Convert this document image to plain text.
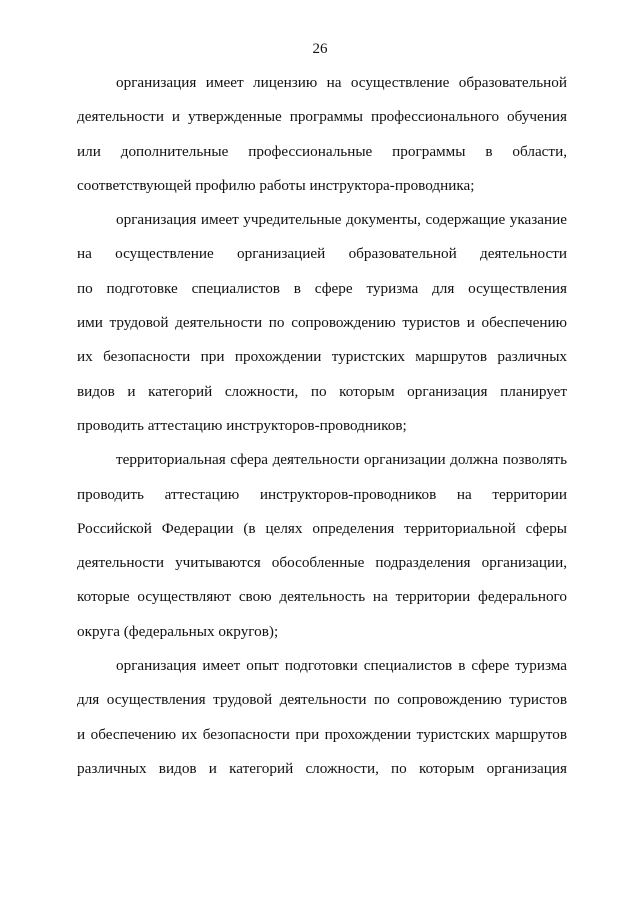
26
организация имеет лицензию на осуществление образовательной
деятельности и утвержденные программы профессионального обучения
или дополнительные профессиональные программы в области,
соответствующей профилю работы инструктора-проводника;
организация имеет учредительные документы, содержащие указание
на осуществление организацией образовательной деятельности
по подготовке специалистов в сфере туризма для осуществления
ими трудовой деятельности по сопровождению туристов и обеспечению
их безопасности при прохождении туристских маршрутов различных
видов и категорий сложности, по которым организация планирует
проводить аттестацию инструкторов-проводников;
территориальная сфера деятельности организации должна позволять
проводить аттестацию инструкторов-проводников на территории
Российской Федерации (в целях определения территориальной сферы
деятельности учитываются обособленные подразделения организации,
которые осуществляют свою деятельность на территории федерального
округа (федеральных округов);
организация имеет опыт подготовки специалистов в сфере туризма
для осуществления трудовой деятельности по сопровождению туристов
и обеспечению их безопасности при прохождении туристских маршрутов
различных видов и категорий сложности, по которым организация
